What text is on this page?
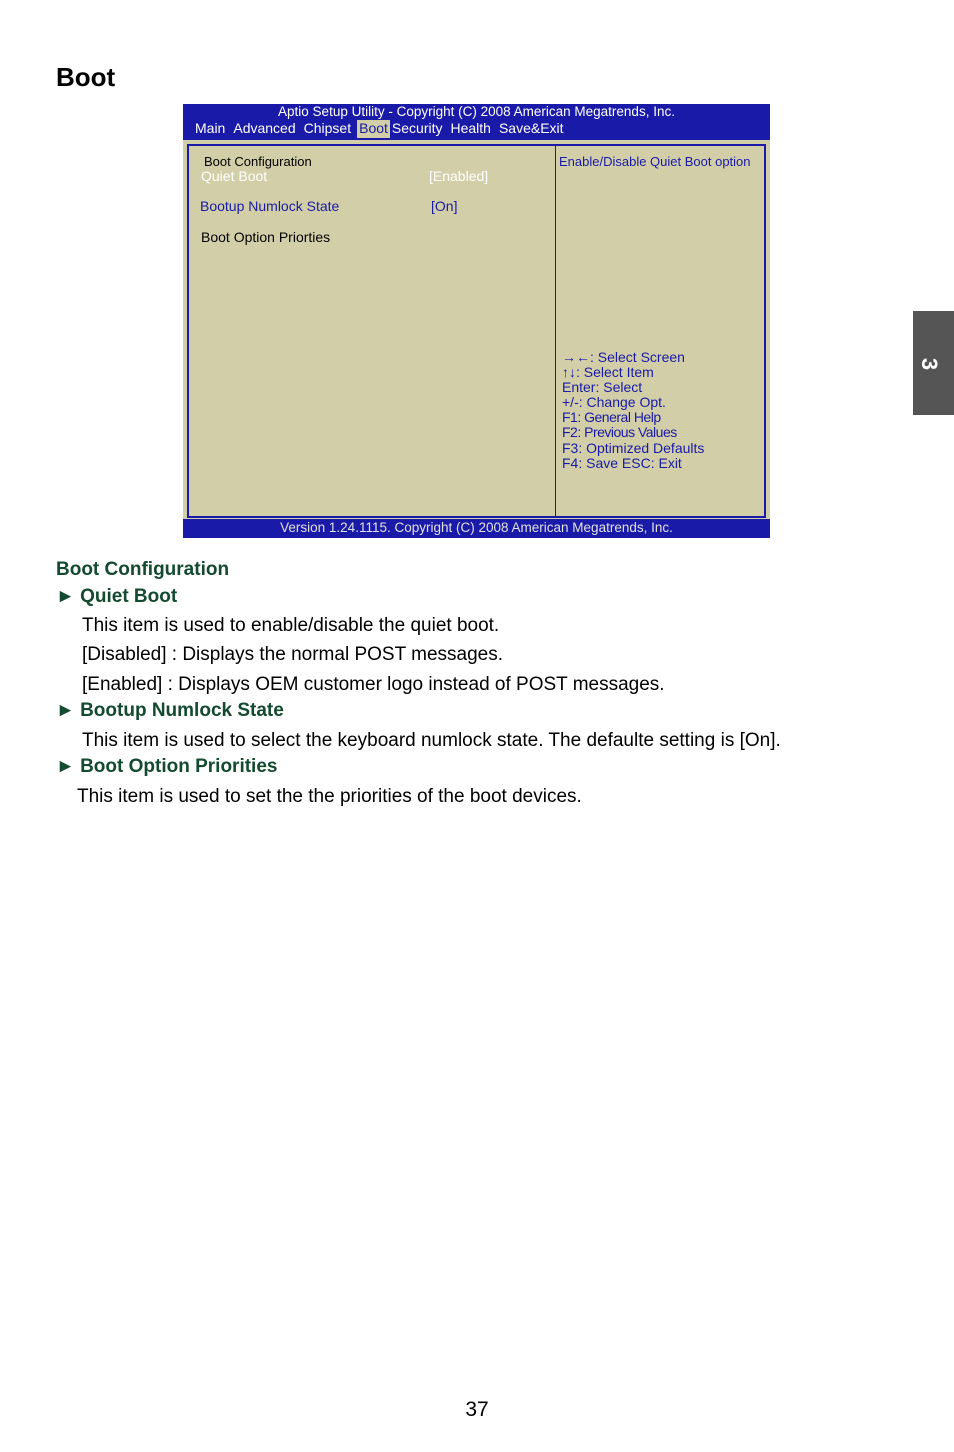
Boot
Aptio Setup Utility - Copyright (C) 2008 American Megatrends, Inc.
Main Advanced Chipset Boot Security Health Save&Exit
Boot Configuration
Quiet Boot	[Enabled]
Bootup Numlock State	[On]
Boot Option Priorties
Enable/Disable Quiet Boot option
→←: Select Screen
↑↓: Select Item
Enter: Select
+/-: Change Opt.
F1: General Help
F2: Previous Values
F3: Optimized Defaults
F4: Save ESC: Exit
Version 1.24.1115. Copyright (C) 2008 American Megatrends, Inc.
Boot Configuration
► Quiet Boot
This item is used to enable/disable the quiet boot.
[Disabled] : Displays the normal POST messages.
[Enabled] : Displays OEM customer logo instead of POST messages.
► Bootup Numlock State
This item is used to select the keyboard numlock state. The defaulte setting is [On].
► Boot Option Priorities
This item is used to set the the priorities of the boot devices.
3
37
